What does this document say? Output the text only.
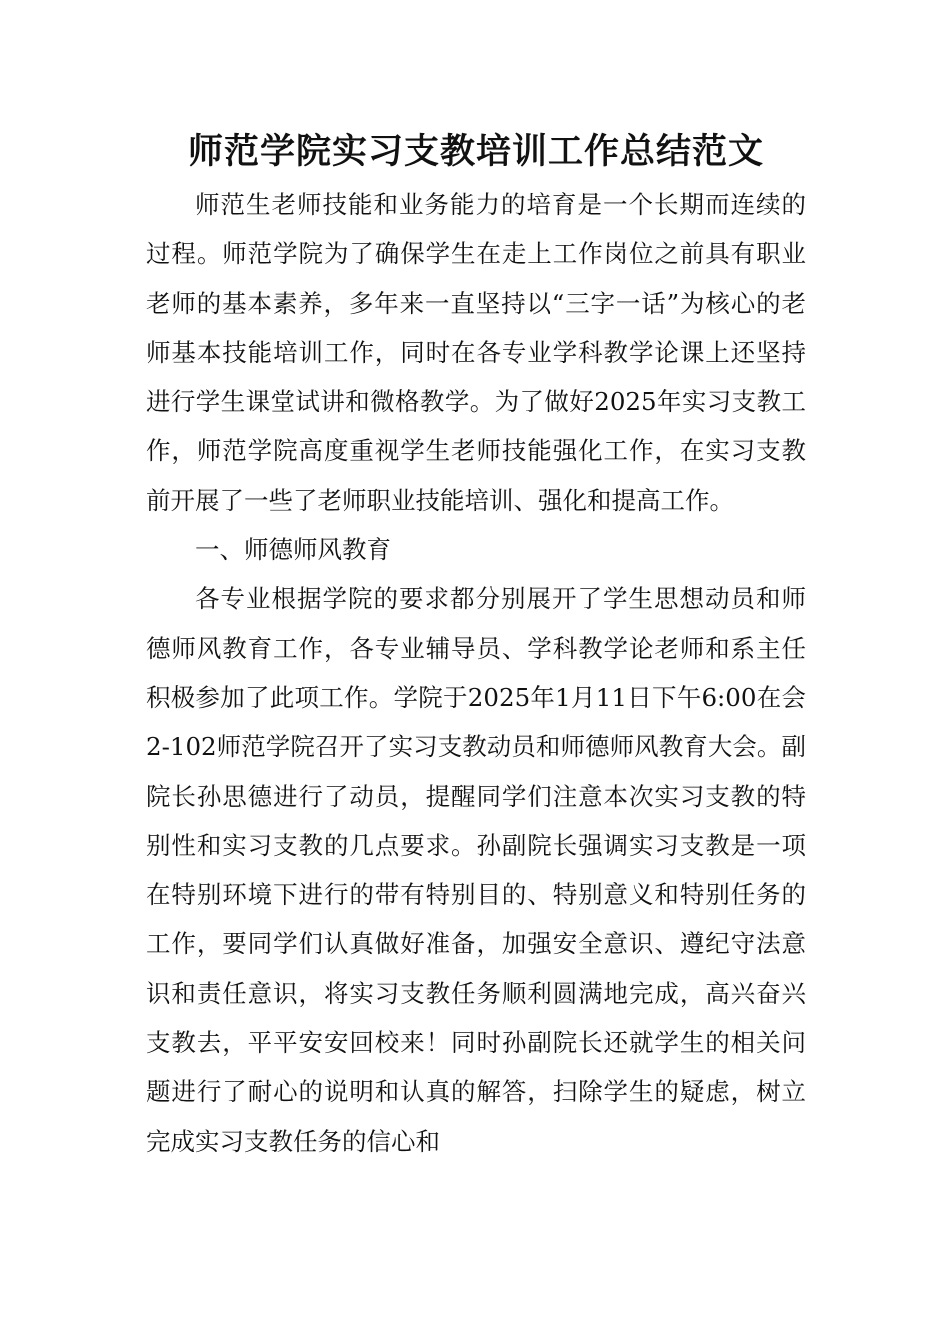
师范学院实习支教培训工作总结范文

师范生老师技能和业务能力的培育是一个长期而连续的过程。师范学院为了确保学生在走上工作岗位之前具有职业老师的基本素养，多年来一直坚持以“三字一话”为核心的老师基本技能培训工作，同时在各专业学科教学论课上还坚持进行学生课堂试讲和微格教学。为了做好2025年实习支教工作，师范学院高度重视学生老师技能强化工作，在实习支教前开展了一些了老师职业技能培训、强化和提高工作。

一、师德师风教育

各专业根据学院的要求都分别展开了学生思想动员和师德师风教育工作，各专业辅导员、学科教学论老师和系主任积极参加了此项工作。学院于2025年1月11日下午6:00在会2-102师范学院召开了实习支教动员和师德师风教育大会。副院长孙思德进行了动员，提醒同学们注意本次实习支教的特别性和实习支教的几点要求。孙副院长强调实习支教是一项在特别环境下进行的带有特别目的、特别意义和特别任务的工作，要同学们认真做好准备，加强安全意识、遵纪守法意识和责任意识，将实习支教任务顺利圆满地完成，高兴奋兴支教去，平平安安回校来！同时孙副院长还就学生的相关问题进行了耐心的说明和认真的解答，扫除学生的疑虑，树立完成实习支教任务的信心和
